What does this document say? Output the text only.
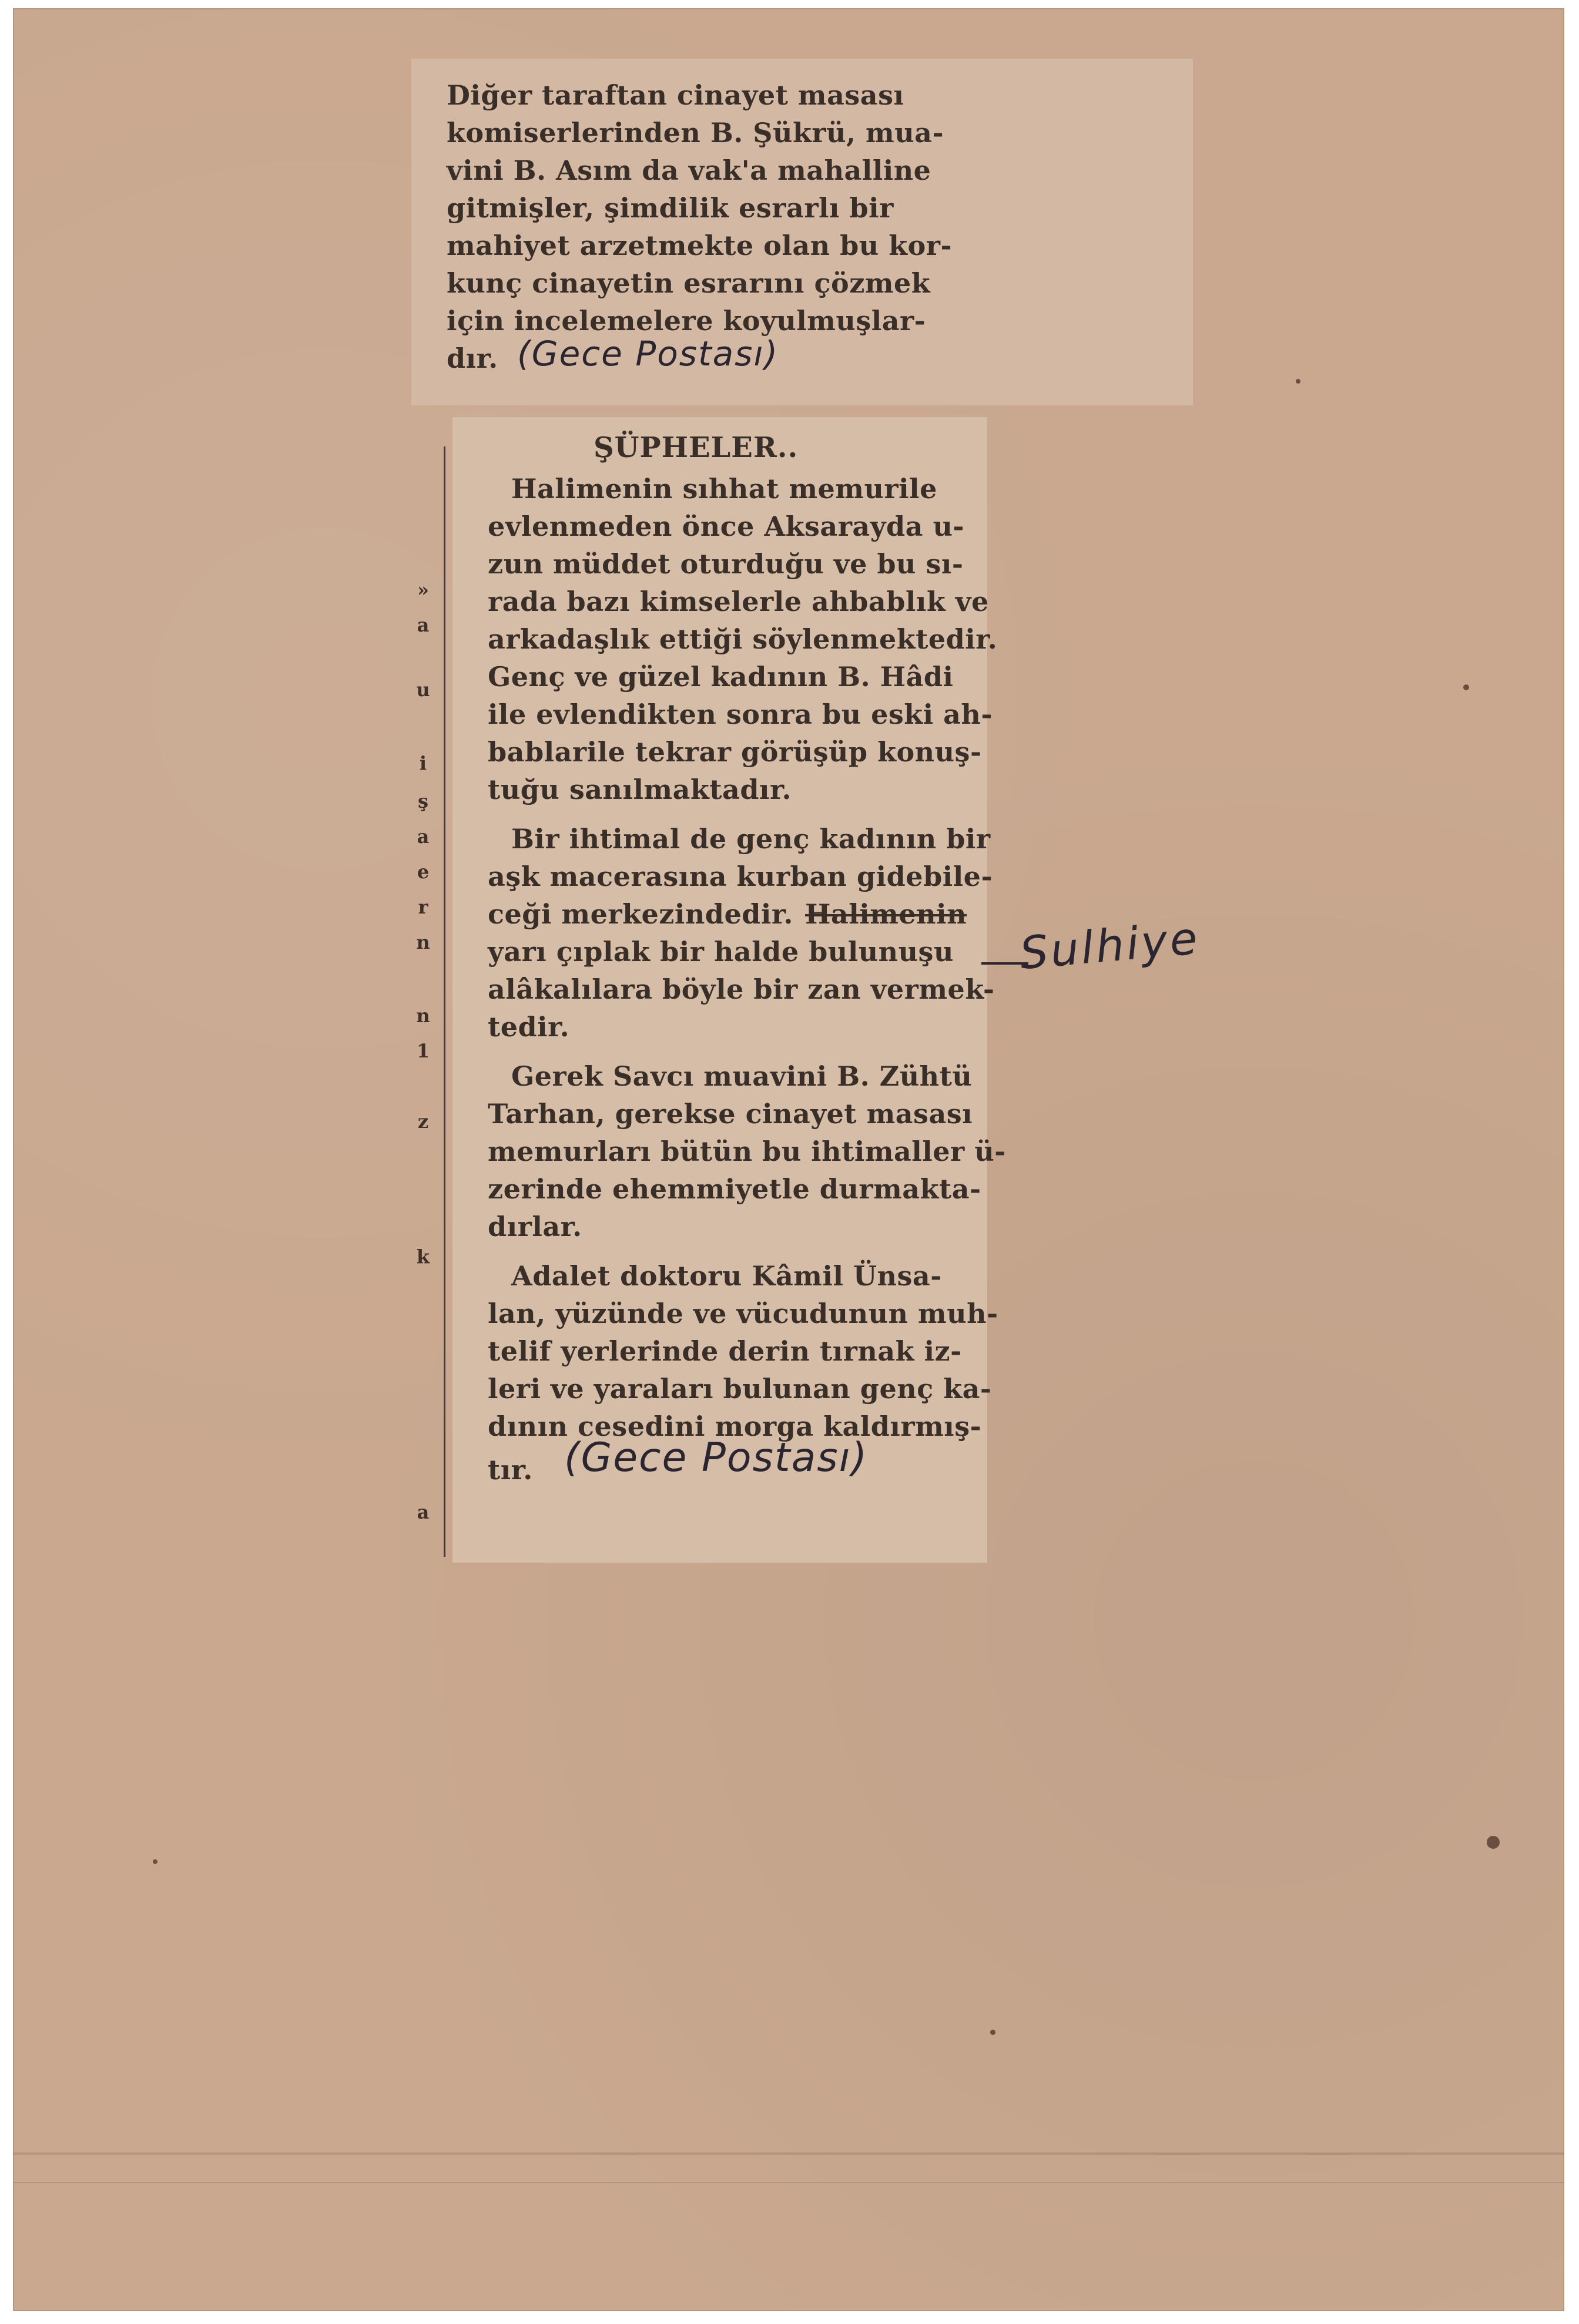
Diğer taraftan cinayet masası
komiserlerinden B. Şükrü, mua-
vini B. Asım da vak'a mahalline
gitmişler, şimdilik esrarlı bir
mahiyet arzetmekte olan bu kor-
kunç cinayetin esrarını çözmek
için incelemelere koyulmuşlar-
dır. (Gece Postası)
ŞÜPHELER..
Halimenin sıhhat memurile
evlenmeden önce Aksarayda u-
zun müddet oturduğu ve bu sı-
rada bazı kimselerle ahbablık ve
arkadaşlık ettiği söylenmektedir.
Genç ve güzel kadının B. Hâdi
ile evlendikten sonra bu eski ah-
bablarile tekrar görüşüp konuş-
tuğu sanılmaktadır.
Bir ihtimal de genç kadının bir
aşk macerasına kurban gidebile-
ceği merkezindedir. Halimenin
yarı çıplak bir halde bulunuşu
alâkalılara böyle bir zan vermek-
tedir.
Gerek Savcı muavini B. Zühtü
Tarhan, gerekse cinayet masası
memurları bütün bu ihtimaller ü-
zerinde ehemmiyetle durmakta-
dırlar.
Adalet doktoru Kâmil Ünsa-
lan, yüzünde ve vücudunun muh-
telif yerlerinde derin tırnak iz-
leri ve yaraları bulunan genç ka-
dının cesedini morga kaldırmış-
tır. (Gece Postası)
Sulhiye
»
a
u
i
ş
a
e
r
n
n
1
z
k
a
